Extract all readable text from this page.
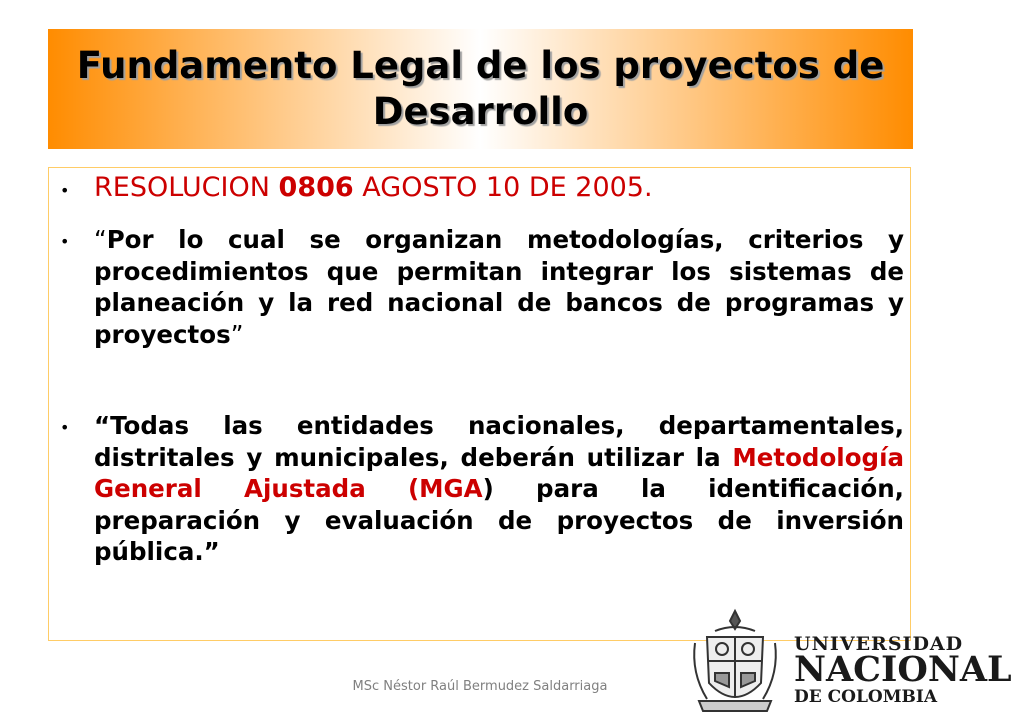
Fundamento Legal de los proyectos de
Desarrollo
• RESOLUCION 0806 AGOSTO 10 DE 2005.
• “Por lo cual se organizan metodologías, criterios y procedimientos que permitan integrar los sistemas de planeación y la red nacional de bancos de programas y proyectos”
• “Todas las entidades nacionales, departamentales, distritales y municipales, deberán utilizar la Metodología General Ajustada (MGA) para la identificación, preparación y evaluación de proyectos de inversión pública.”
MSc Néstor Raúl Bermudez Saldarriaga
UNIVERSIDAD
NACIONAL
DE COLOMBIA
